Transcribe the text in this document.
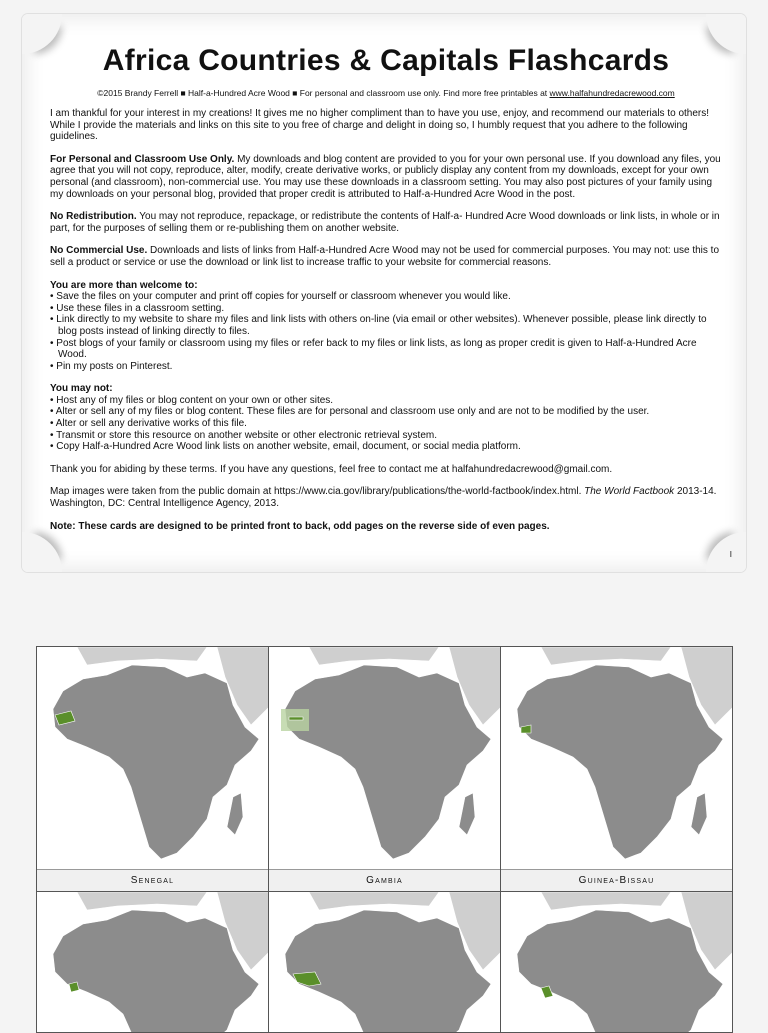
Africa Countries & Capitals Flashcards
©2015 Brandy Ferrell ■ Half-a-Hundred Acre Wood ■ For personal and classroom use only. Find more free printables at www.halfahundredacrewood.com

I am thankful for your interest in my creations! It gives me no higher compliment than to have you use, enjoy, and recommend our materials to others! While I provide the materials and links on this site to you free of charge and delight in doing so, I humbly request that you adhere to the following guidelines.

For Personal and Classroom Use Only. My downloads and blog content are provided to you for your own personal use. If you download any files, you agree that you will not copy, reproduce, alter, modify, create derivative works, or publicly display any content from my downloads, except for your own personal (and classroom), non-commercial use. You may use these downloads in a classroom setting. You may also post pictures of your family using my downloads on your personal blog, provided that proper credit is attributed to Half-a-Hundred Acre Wood in the post.

No Redistribution. You may not reproduce, repackage, or redistribute the contents of Half-a- Hundred Acre Wood downloads or link lists, in whole or in part, for the purposes of selling them or re-publishing them on another website.

No Commercial Use. Downloads and lists of links from Half-a-Hundred Acre Wood may not be used for commercial purposes. You may not: use this to sell a product or service or use the download or link list to increase traffic to your website for commercial reasons.

You are more than welcome to:
• Save the files on your computer and print off copies for yourself or classroom whenever you would like.
• Use these files in a classroom setting.
• Link directly to my website to share my files and link lists with others on-line (via email or other websites). Whenever possible, please link directly to blog posts instead of linking directly to files.
• Post blogs of your family or classroom using my files or refer back to my files or link lists, as long as proper credit is given to Half-a-Hundred Acre Wood.
• Pin my posts on Pinterest.
You may not:
• Host any of my files or blog content on your own or other sites.
• Alter or sell any of my files or blog content. These files are for personal and classroom use only and are not to be modified by the user.
• Alter or sell any derivative works of this file.
• Transmit or store this resource on another website or other electronic retrieval system.
• Copy Half-a-Hundred Acre Wood link lists on another website, email, document, or social media platform.

Thank you for abiding by these terms. If you have any questions, feel free to contact me at halfahundredacrewood@gmail.com.

Map images were taken from the public domain at https://www.cia.gov/library/publications/the-world-factbook/index.html. The World Factbook 2013-14. Washington, DC: Central Intelligence Agency, 2013.

Note: These cards are designed to be printed front to back, odd pages on the reverse side of even pages.

I
Senegal	Gambia	Guinea-Bissau
